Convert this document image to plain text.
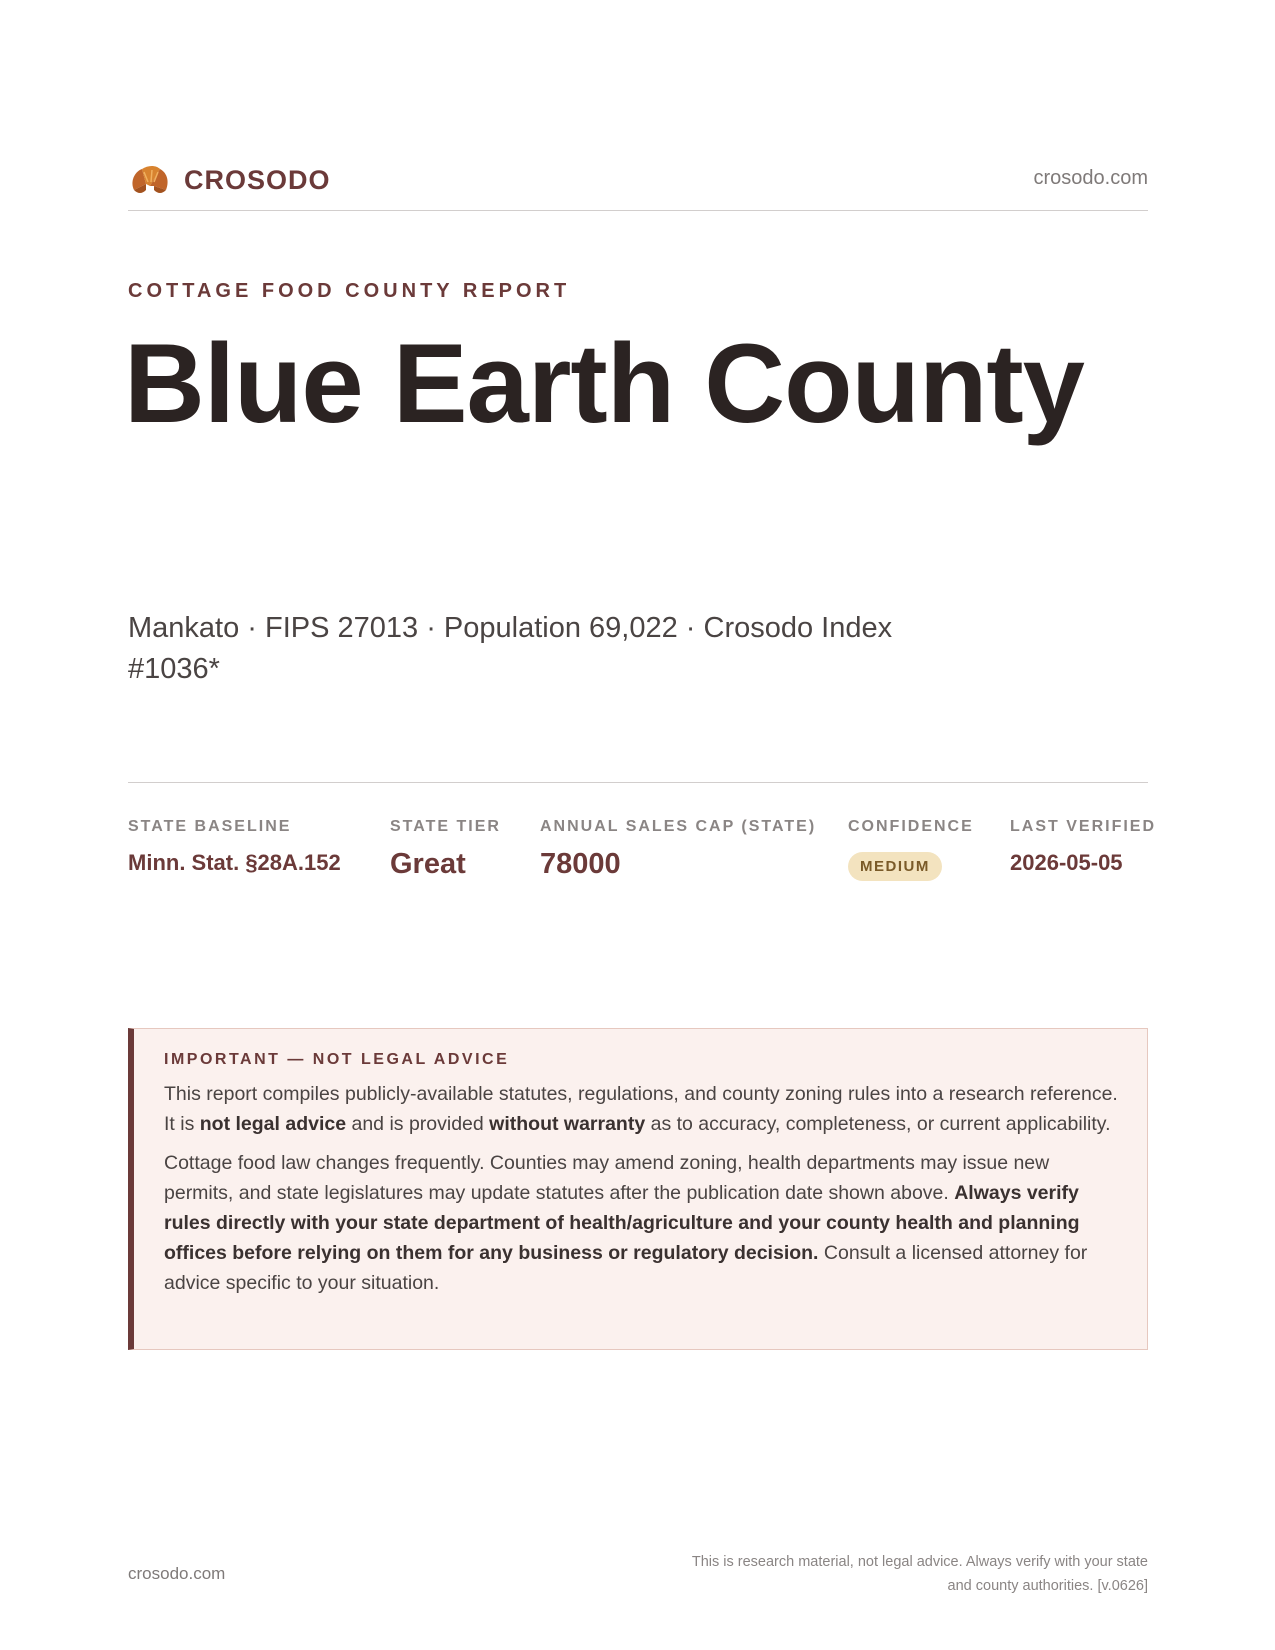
CROSODO	crosodo.com
COTTAGE FOOD COUNTY REPORT
Blue Earth County
Mankato · FIPS 27013 · Population 69,022 · Crosodo Index #1036*
STATE BASELINE
Minn. Stat. §28A.152
STATE TIER
Great
ANNUAL SALES CAP (STATE)
78000
CONFIDENCE
MEDIUM
LAST VERIFIED
2026-05-05
IMPORTANT — NOT LEGAL ADVICE

This report compiles publicly-available statutes, regulations, and county zoning rules into a research reference. It is not legal advice and is provided without warranty as to accuracy, completeness, or current applicability.

Cottage food law changes frequently. Counties may amend zoning, health departments may issue new permits, and state legislatures may update statutes after the publication date shown above. Always verify rules directly with your state department of health/agriculture and your county health and planning offices before relying on them for any business or regulatory decision. Consult a licensed attorney for advice specific to your situation.

crosodo.com
This is research material, not legal advice. Always verify with your state
and county authorities. [v.0626]
